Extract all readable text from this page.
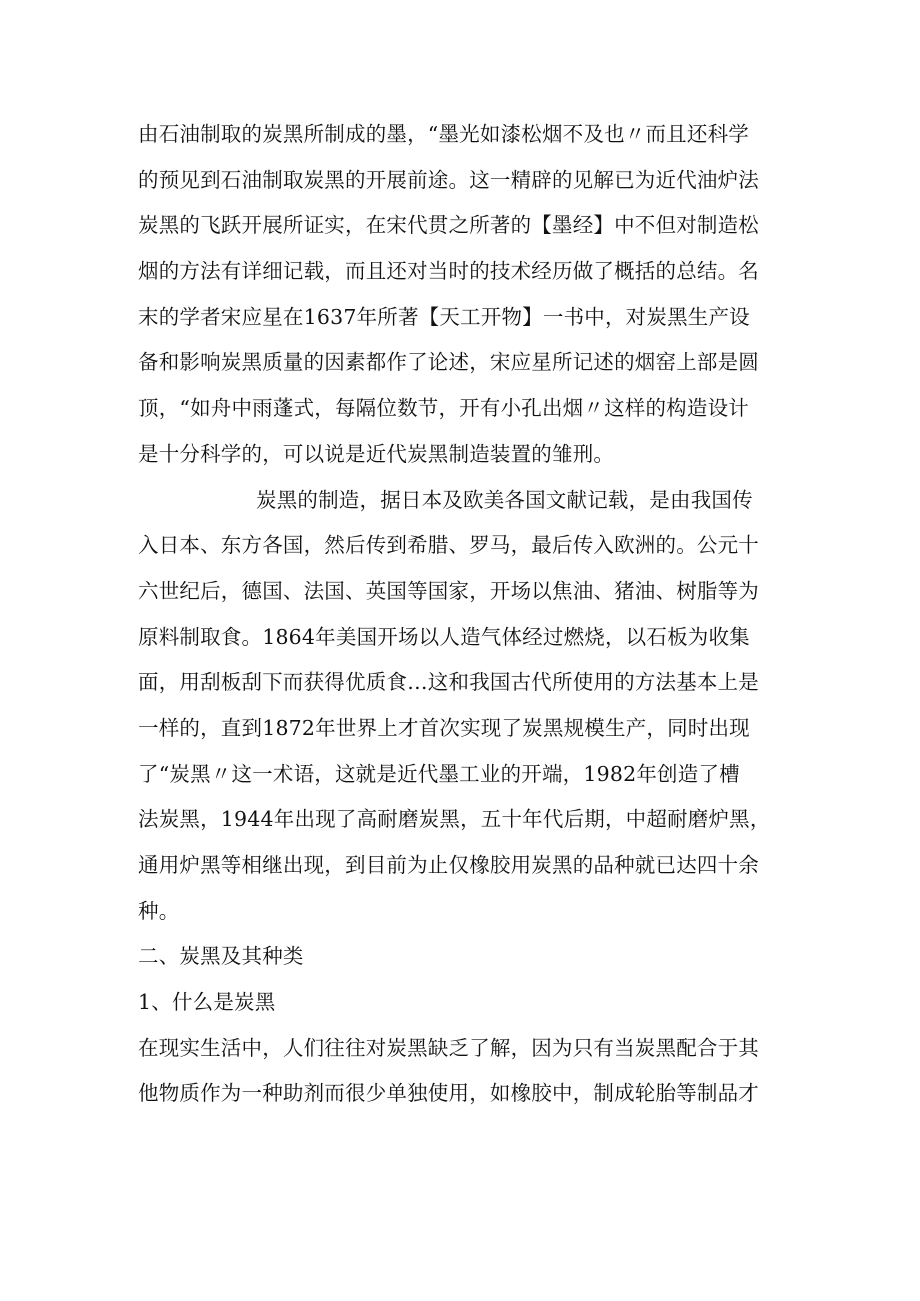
由石油制取的炭黑所制成的墨，“墨光如漆松烟不及也〃而且还科学
的预见到石油制取炭黑的开展前途。这一精辟的见解已为近代油炉法
炭黑的飞跃开展所证实，在宋代贯之所著的【墨经】中不但对制造松
烟的方法有详细记载，而且还对当时的技术经历做了概括的总结。名
末的学者宋应星在1637年所著【天工开物】一书中，对炭黑生产设
备和影响炭黑质量的因素都作了论述，宋应星所记述的烟窑上部是圆
顶，“如舟中雨蓬式，每隔位数节，开有小孔出烟〃这样的构造设计
是十分科学的，可以说是近代炭黑制造装置的雏刑。
炭黑的制造，据日本及欧美各国文献记载，是由我国传
入日本、东方各国，然后传到希腊、罗马，最后传入欧洲的。公元十
六世纪后，德国、法国、英国等国家，开场以焦油、猪油、树脂等为
原料制取食。1864年美国开场以人造气体经过燃烧，以石板为收集
面，用刮板刮下而获得优质食…这和我国古代所使用的方法基本上是
一样的，直到1872年世界上才首次实现了炭黑规模生产，同时出现
了“炭黑〃这一术语，这就是近代墨工业的开端，1982年创造了槽
法炭黑，1944年出现了高耐磨炭黑，五十年代后期，中超耐磨炉黑，
通用炉黑等相继出现，到目前为止仅橡胶用炭黑的品种就已达四十余
种。
二、炭黑及其种类
1、什么是炭黑
在现实生活中，人们往往对炭黑缺乏了解，因为只有当炭黑配合于其
他物质作为一种助剂而很少单独使用，如橡胶中，制成轮胎等制品才
